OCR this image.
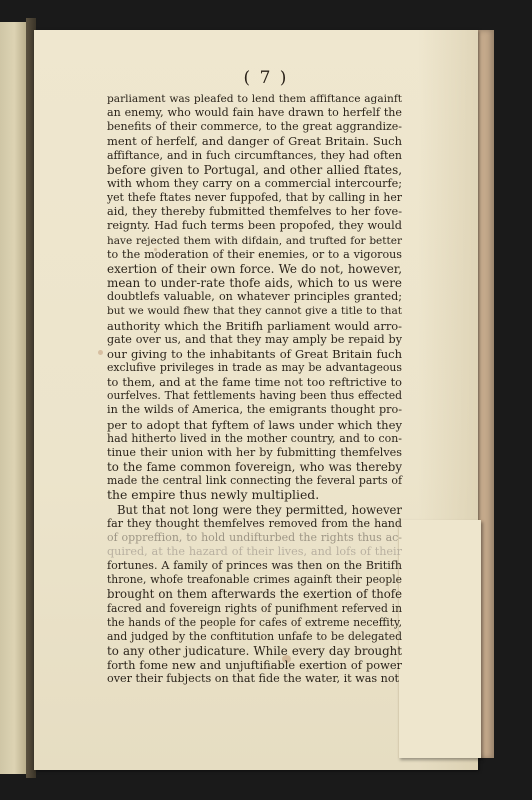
( 7 )
parliament was pleafed to lend them affiftance againft
an enemy, who would fain have drawn to herfelf the
benefits of their commerce, to the great aggrandize-
ment of herfelf, and danger of Great Britain. Such
affiftance, and in fuch circumftances, they had often
before given to Portugal, and other allied ftates,
with whom they carry on a commercial intercourfe;
yet thefe ftates never fuppofed, that by calling in her
aid, they thereby fubmitted themfelves to her fove-
reignty. Had fuch terms been propofed, they would
have rejected them with difdain, and trufted for better
to the moderation of their enemies, or to a vigorous
exertion of their own force. We do not, however,
mean to under-rate thofe aids, which to us were
doubtlefs valuable, on whatever principles granted;
but we would fhew that they cannot give a title to that
authority which the Britifh parliament would arro-
gate over us, and that they may amply be repaid by
our giving to the inhabitants of Great Britain fuch
exclufive privileges in trade as may be advantageous
to them, and at the fame time not too reftrictive to
ourfelves. That fettlements having been thus effected
in the wilds of America, the emigrants thought pro-
per to adopt that fyftem of laws under which they
had hitherto lived in the mother country, and to con-
tinue their union with her by fubmitting themfelves
to the fame common fovereign, who was thereby
made the central link connecting the feveral parts of
the empire thus newly multiplied.
But that not long were they permitted, however
far they thought themfelves removed from the hand
of oppreffion, to hold undifturbed the rights thus ac-
quired, at the hazard of their lives, and lofs of their
fortunes. A family of princes was then on the Britifh
throne, whofe treafonable crimes againft their people
brought on them afterwards the exertion of thofe
facred and fovereign rights of punifhment referved in
the hands of the people for cafes of extreme neceffity,
and judged by the conftitution unfafe to be delegated
to any other judicature. While every day brought
forth fome new and unjuftifiable exertion of power
over their fubjects on that fide the water, it was not
